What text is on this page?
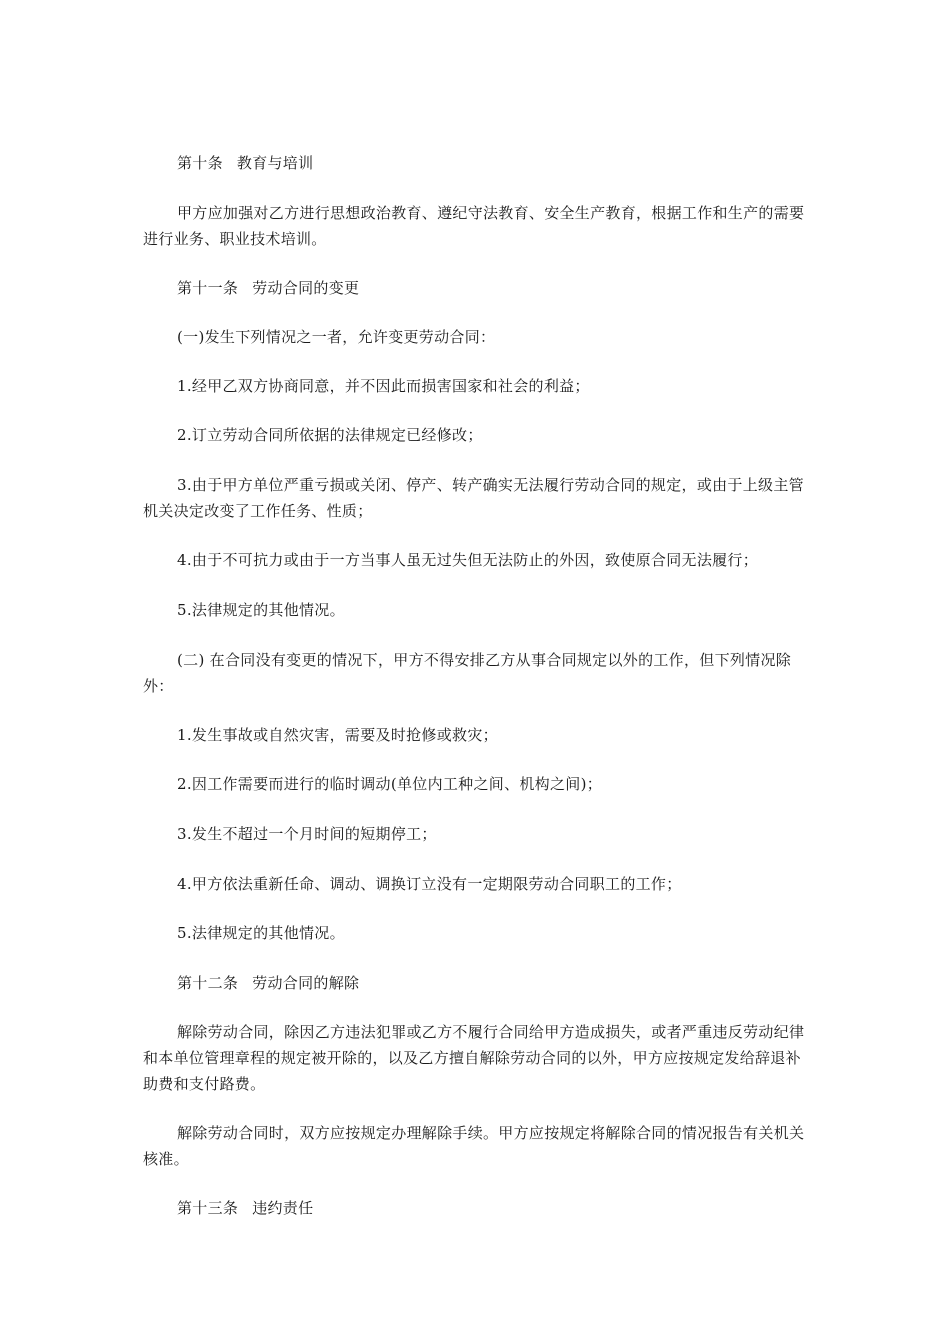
第十条 教育与培训
甲方应加强对乙方进行思想政治教育、遵纪守法教育、安全生产教育，根据工作和生产的需要进行业务、职业技术培训。
第十一条 劳动合同的变更
(一)发生下列情况之一者，允许变更劳动合同：
1.经甲乙双方协商同意，并不因此而损害国家和社会的利益；
2.订立劳动合同所依据的法律规定已经修改；
3.由于甲方单位严重亏损或关闭、停产、转产确实无法履行劳动合同的规定，或由于上级主管机关决定改变了工作任务、性质；
4.由于不可抗力或由于一方当事人虽无过失但无法防止的外因，致使原合同无法履行；
5.法律规定的其他情况。
(二) 在合同没有变更的情况下，甲方不得安排乙方从事合同规定以外的工作，但下列情况除外：
1.发生事故或自然灾害，需要及时抢修或救灾；
2.因工作需要而进行的临时调动(单位内工种之间、机构之间)；
3.发生不超过一个月时间的短期停工；
4.甲方依法重新任命、调动、调换订立没有一定期限劳动合同职工的工作；
5.法律规定的其他情况。
第十二条 劳动合同的解除
解除劳动合同，除因乙方违法犯罪或乙方不履行合同给甲方造成损失，或者严重违反劳动纪律和本单位管理章程的规定被开除的，以及乙方擅自解除劳动合同的以外，甲方应按规定发给辞退补助费和支付路费。
解除劳动合同时，双方应按规定办理解除手续。甲方应按规定将解除合同的情况报告有关机关核准。
第十三条 违约责任
